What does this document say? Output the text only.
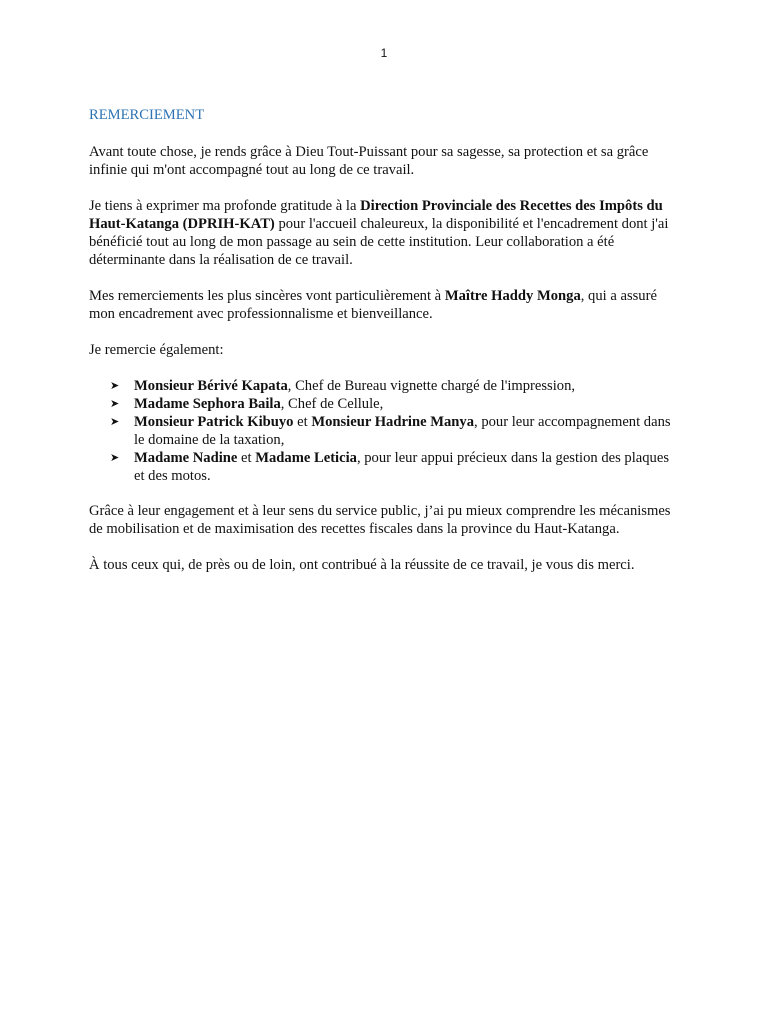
1
REMERCIEMENT

Avant toute chose, je rends grâce à Dieu Tout-Puissant pour sa sagesse, sa protection et sa grâce infinie qui m'ont accompagné tout au long de ce travail.

Je tiens à exprimer ma profonde gratitude à la Direction Provinciale des Recettes des Impôts du Haut-Katanga (DPRIH-KAT) pour l'accueil chaleureux, la disponibilité et l'encadrement dont j'ai bénéficié tout au long de mon passage au sein de cette institution. Leur collaboration a été déterminante dans la réalisation de ce travail.

Mes remerciements les plus sincères vont particulièrement à Maître Haddy Monga, qui a assuré mon encadrement avec professionnalisme et bienveillance.

Je remercie également:

➤ Monsieur Bérivé Kapata, Chef de Bureau vignette chargé de l'impression,
➤ Madame Sephora Baila, Chef de Cellule,
➤ Monsieur Patrick Kibuyo et Monsieur Hadrine Manya, pour leur accompagnement dans le domaine de la taxation,
➤ Madame Nadine et Madame Leticia, pour leur appui précieux dans la gestion des plaques et des motos.

Grâce à leur engagement et à leur sens du service public, j’ai pu mieux comprendre les mécanismes de mobilisation et de maximisation des recettes fiscales dans la province du Haut-Katanga.

À tous ceux qui, de près ou de loin, ont contribué à la réussite de ce travail, je vous dis merci.
